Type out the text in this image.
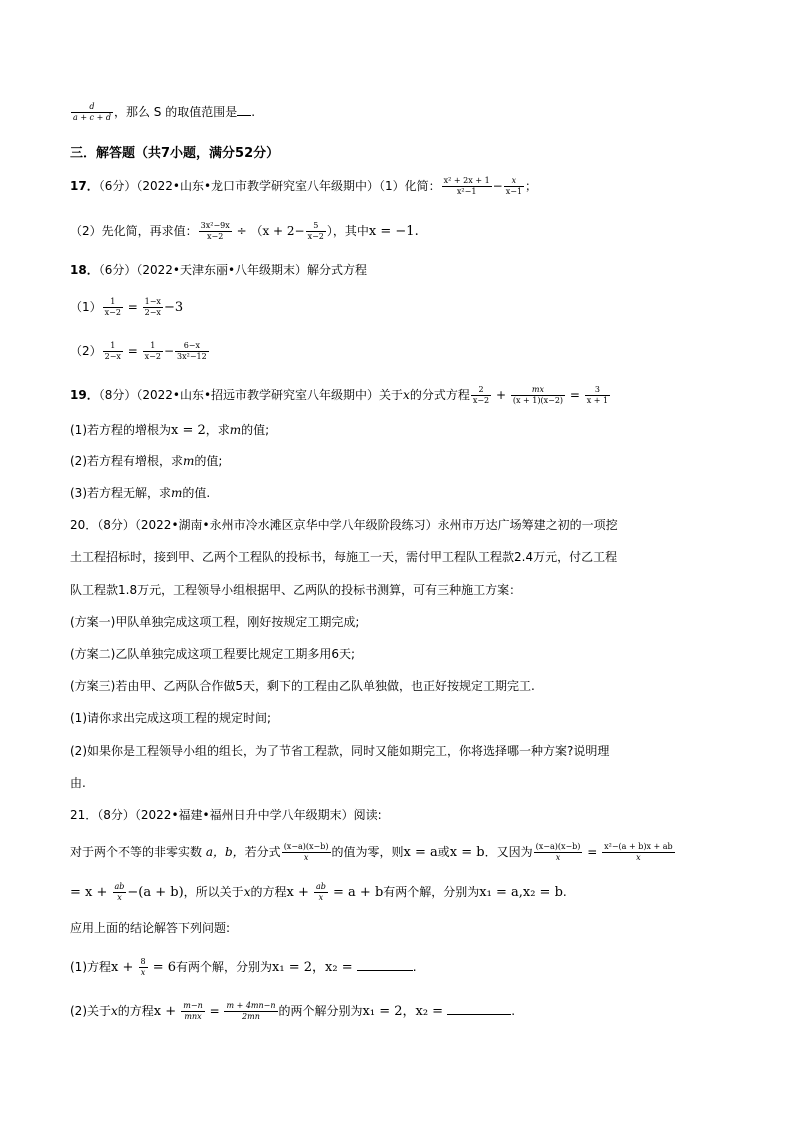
$\frac{d}{a + c + d}$ ，那么 S 的取值范围是 .
三．解答题（共7小题，满分52分）
17．（6分）（2022•山东•龙口市教学研究室八年级期中）（1）化简： $\frac{\text{x² + 2x + 1}}{\text{x²−1}} - \frac{x}{x-1}$ ；
（2）先化简，再求值： $\frac{\text{3x²−9x}}{x-2} \div (x + 2- \frac{5}{x-2}$ ），其中x = −1.
18．（6分）（2022•天津东丽•八年级期末）解分式方程
$(1) \frac{1}{x-2} = \frac{1-x}{2-x} -3$
$(2) \frac{1}{2-x} = \frac{1}{x-2} - \frac{6-x}{\text{3x²−12}}$
19．（8分）（2022•山东•招远市教学研究室八年级期中）关于x的分式方程 $\frac{2}{x-2} + \frac{mx}{(x + 1)(x-2)} = \frac{3}{x + 1}$
(1)若方程的增根为x = 2，求m的值;
(2)若方程有增根，求m的值;
(3)若方程无解，求m的值.
20．（8分）（2022•湖南•永州市冷水滩区京华中学八年级阶段练习）永州市万达广场筹建之初的一项挖
土工程招标时，接到甲、乙两个工程队的投标书，每施工一天，需付甲工程队工程款2.4万元，付乙工程
队工程款1.8万元，工程领导小组根据甲、乙两队的投标书测算，可有三种施工方案：
(方案一)甲队单独完成这项工程，刚好按规定工期完成;
(方案二)乙队单独完成这项工程要比规定工期多用6天;
(方案三)若由甲、乙两队合作做5天，剩下的工程由乙队单独做，也正好按规定工期完工.
(1)请你求出完成这项工程的规定时间;
(2)如果你是工程领导小组的组长，为了节省工程款，同时又能如期完工，你将选择哪一种方案?说明理
由.
21．（8分）（2022•福建•福州日升中学八年级期末）阅读:
对于两个不等的非零实数 a，b，若分式 $\frac{(x-a)(x-b)}{x}$ 的值为零，则x = a或x = b．又因为 $\frac{(x-a)(x-b)}{x} = \frac{\text{x²−(a + b)x + ab}}{x}$
= $x + \frac{ab}{x} -(a + b)$，所以关于x的方程$x + \frac{ab}{x} = a + b$有两个解，分别为x₁ = a,x₂ = b.
应用上面的结论解答下列问题:
(1)方程$x + \frac{8}{x} = 6$有两个解，分别为x₁ = 2，x₂ =	.
(2)关于x的方程$x + \frac{m-n}{\text{mnx}} = \frac{m + 4mn-n}{2mn}$ 的两个解分别为x₁ = 2，x₂ =	.
